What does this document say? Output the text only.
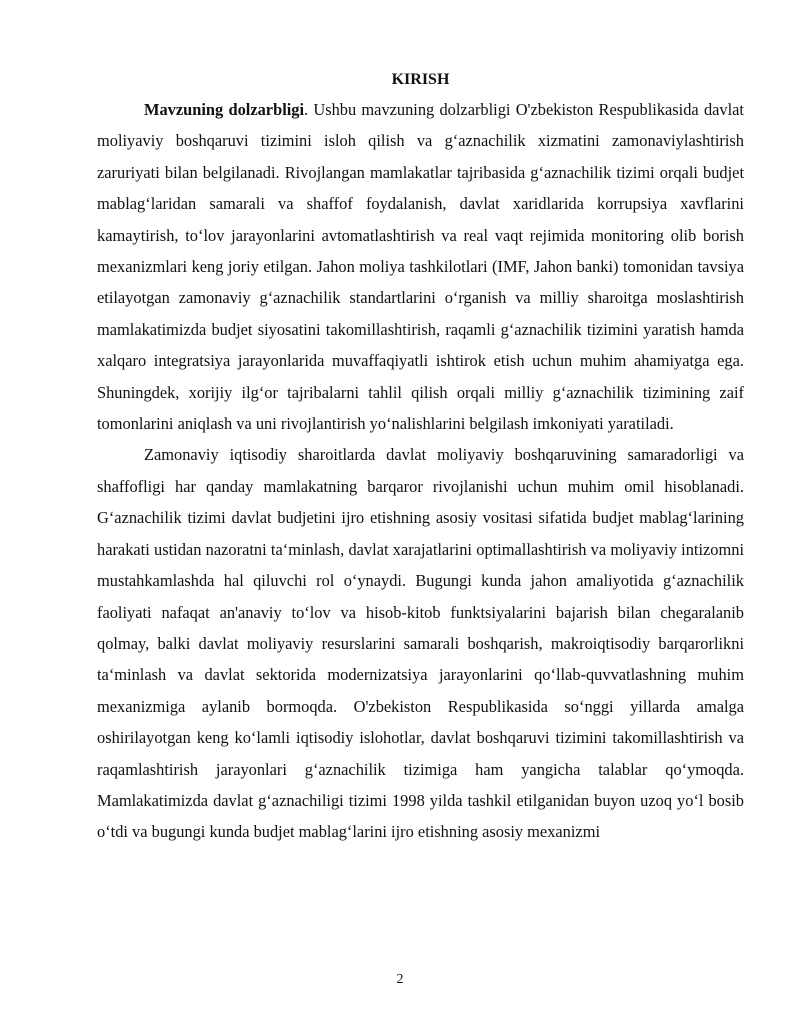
KIRISH

Mavzuning dolzarbligi. Ushbu mavzuning dolzarbligi O'zbekiston Respublikasida davlat moliyaviy boshqaruvi tizimini isloh qilish va g‘aznachilik xizmatini zamonaviylashtirish zaruriyati bilan belgilanadi. Rivojlangan mamlakatlar tajribasida g‘aznachilik tizimi orqali budjet mablag‘laridan samarali va shaffof foydalanish, davlat xaridlarida korrupsiya xavflarini kamaytirish, to‘lov jarayonlarini avtomatlashtirish va real vaqt rejimida monitoring olib borish mexanizmlari keng joriy etilgan. Jahon moliya tashkilotlari (IMF, Jahon banki) tomonidan tavsiya etilayotgan zamonaviy g‘aznachilik standartlarini o‘rganish va milliy sharoitga moslashtirish mamlakatimizda budjet siyosatini takomillashtirish, raqamli g‘aznachilik tizimini yaratish hamda xalqaro integratsiya jarayonlarida muvaffaqiyatli ishtirok etish uchun muhim ahamiyatga ega. Shuningdek, xorijiy ilg‘or tajribalarni tahlil qilish orqali milliy g‘aznachilik tizimining zaif tomonlarini aniqlash va uni rivojlantirish yo‘nalishlarini belgilash imkoniyati yaratiladi.

Zamonaviy iqtisodiy sharoitlarda davlat moliyaviy boshqaruvining samaradorligi va shaffofligi har qanday mamlakatning barqaror rivojlanishi uchun muhim omil hisoblanadi. G‘aznachilik tizimi davlat budjetini ijro etishning asosiy vositasi sifatida budjet mablag‘larining harakati ustidan nazoratni ta‘minlash, davlat xarajatlarini optimallashtirish va moliyaviy intizomni mustahkamlashda hal qiluvchi rol o‘ynaydi. Bugungi kunda jahon amaliyotida g‘aznachilik faoliyati nafaqat an'anaviy to‘lov va hisob-kitob funktsiyalarini bajarish bilan chegaralanib qolmay, balki davlat moliyaviy resurslarini samarali boshqarish, makroiqtisodiy barqarorlikni ta‘minlash va davlat sektorida modernizatsiya jarayonlarini qo‘llab-quvvatlashning muhim mexanizmiga aylanib bormoqda. O'zbekiston Respublikasida so‘nggi yillarda amalga oshirilayotgan keng ko‘lamli iqtisodiy islohotlar, davlat boshqaruvi tizimini takomillashtirish va raqamlashtirish jarayonlari g‘aznachilik tizimiga ham yangicha talablar qo‘ymoqda. Mamlakatimizda davlat g‘aznachiligi tizimi 1998 yilda tashkil etilganidan buyon uzoq yo‘l bosib o‘tdi va bugungi kunda budjet mablag‘larini ijro etishning asosiy mexanizmi

2
